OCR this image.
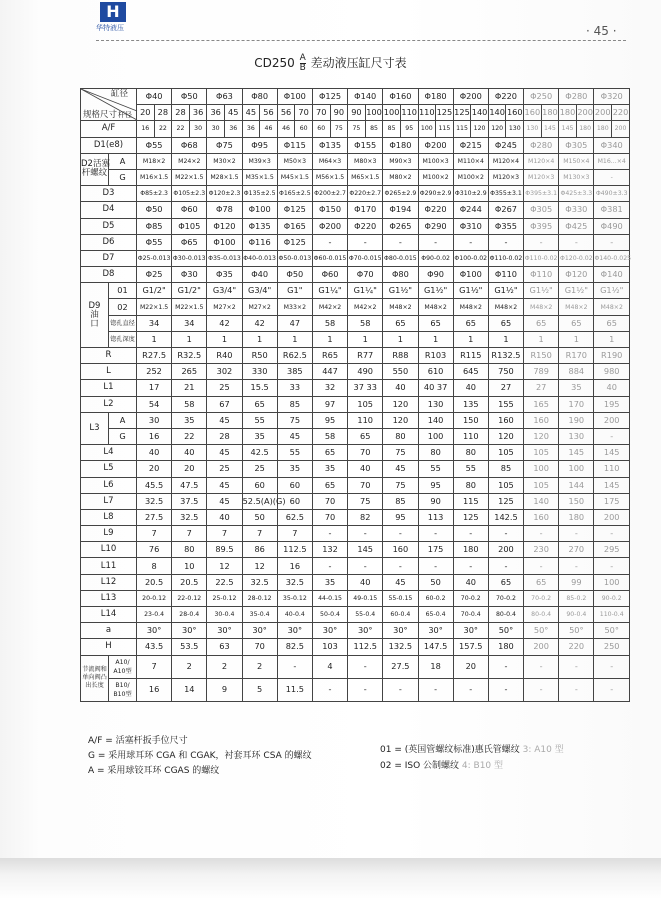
H
华特液压	· 45 ·
$CD250 \frac{A}{B}$ 差动液压缸尺寸表
缸径
杆径
规格尺寸		Φ40		Φ50		Φ63		Φ80		Φ100		Φ125		Φ140		Φ160		Φ180		Φ200		Φ220		Φ250		Φ280		Φ320	
		20	28	28	36	36	45	45	56	56	70	70	90	90	100	100	110	110	125	125	140	140	160	160	180	180	200	200	220
A/F		16	22	22	30	30	36	36	46	46	60	60	75	75	85	85	95	100	115	115	120	120	130	130	145	145	180	180	200
D1(e8)		Φ55		Φ68		Φ75		Φ95		Φ115		Φ135		Φ155		Φ180		Φ200		Φ215		Φ245		Φ280		Φ305		Φ340	
D2活塞
杆螺纹	A	M18×2		M24×2		M30×2		M39×3		M50×3		M64×3		M80×3		M90×3		M100×3		M110×4		M120×4		M120×4		M150×4		M16...×4	
	G	M16×1.5		M22×1.5		M28×1.5		M35×1.5		M45×1.5		M56×1.5		M65×1.5		M80×2		M100×2		M100×2		M120×3		M120×3		M130×3		-	
D3		Φ85±2.3		Φ105±2.3		Φ120±2.3		Φ135±2.5		Φ165±2.5		Φ200±2.7		Φ220±2.7		Φ265±2.9		Φ290±2.9		Φ310±2.9		Φ355±3.1		Φ395±3.1		Φ425±3.3		Φ490±3.3	
D4		Φ50		Φ60		Φ78		Φ100		Φ125		Φ150		Φ170		Φ194		Φ220		Φ244		Φ267		Φ305		Φ330		Φ381	
D5		Φ85		Φ105		Φ120		Φ135		Φ165		Φ200		Φ220		Φ265		Φ290		Φ310		Φ355		Φ395		Φ425		Φ490	
D6		Φ55		Φ65		Φ100		Φ116		Φ125		-		-		-		-		-		-		-		-		-	
D7		Φ25-0.013		Φ30-0.013		Φ35-0.013		Φ40-0.013		Φ50-0.013		Φ60-0.015		Φ70-0.015		Φ80-0.015		Φ90-0.02		Φ100-0.02		Φ110-0.02		Φ110-0.02		Φ120-0.02		Φ140-0.025	
D8		Φ25		Φ30		Φ35		Φ40		Φ50		Φ60		Φ70		Φ80		Φ90		Φ100		Φ110		Φ110		Φ120		Φ140	
D9
油
口	01	G1/2"		G1/2"		G3/4"		G3/4"		G1"		G1¼"		G1¼"		G1½"		G1½"		G1½"		G1½"		G1½"		G1½"		G1½"	
	02	M22×1.5		M22×1.5		M27×2		M27×2		M33×2		M42×2		M42×2		M48×2		M48×2		M48×2		M48×2		M48×2		M48×2		M48×2	
	锪孔直径	34		34		42		42		47		58		58		65		65		65		65		65		65		65	
	锪孔深度	1		1		1		1		1		1		1		1		1		1		1		1		1		1	
R		R27.5		R32.5		R40		R50		R62.5		R65		R77		R88		R103		R115		R132.5		R150		R170		R190	
L		252		265		302		330		385		447		490		550		610		645		750		789		884		980	
L1		17		21		25		15.5		33		32		37 33		40		40 37		40		27		27		35		40	
L2		54		58		67		65		85		97		105		120		130		135		155		165		170		195	
L3	A	30		35		45		55		75		95		110		120		140		150		160		160		190		200	
	G	16		22		28		35		45		58		65		80		100		110		120		120		130		-	
L4		40		40		45		42.5		55		65		70		75		80		80		105		105		145		145	
L5		20		20		25		25		35		35		40		45		55		55		85		100		100		110	
L6		45.5		47.5		45		60		60		65		70		75		95		80		105		105		144		145	
L7		32.5		37.5		45		52.5(A)(G)		60		70		75		85		90		115		125		140		150		175	
L8		27.5		32.5		40		50		62.5		70		82		95		113		125		142.5		160		180		200	
L9		7		7		7		7		7		-		-		-		-		-		-		-		-		-	
L10		76		80		89.5		86		112.5		132		145		160		175		180		200		230		270		295	
L11		8		10		12		12		16		-		-		-		-		-		-		-		-		-	
L12		20.5		20.5		22.5		32.5		32.5		35		40		45		50		40		65		65		99		100	
L13		20-0.12		22-0.12		25-0.12		28-0.12		35-0.12		44-0.15		49-0.15		55-0.15		60-0.2		70-0.2		70-0.2		70-0.2		85-0.2		90-0.2	
L14		23-0.4		28-0.4		30-0.4		35-0.4		40-0.4		50-0.4		55-0.4		60-0.4		65-0.4		70-0.4		80-0.4		80-0.4		90-0.4		110-0.4	
a		30°		30°		30°		30°		30°		30°		30°		30°		30°		30°		50°		50°		50°		50°	
H		43.5		53.5		63		70		82.5		103		112.5		132.5		147.5		157.5		180		200		220		250	
节流阀和单向阀凸出长度	A10/ A10型	7		2		2		2		-		4		-		27.5		18		20		-		-		-		-	
	B10/ B10型	16		14		9		5		11.5		-		-		-		-		-		-		-		-		-	
A/F = 活塞杆扳手位尺寸
G = 采用球耳环 CGA 和 CGAK，衬套耳环 CSA 的螺纹
A = 采用球铰耳环 CGAS 的螺纹
01 = (英国管螺纹标准)惠氏管螺纹 3: A10 型
02 = ISO 公制螺纹 4: B10 型
